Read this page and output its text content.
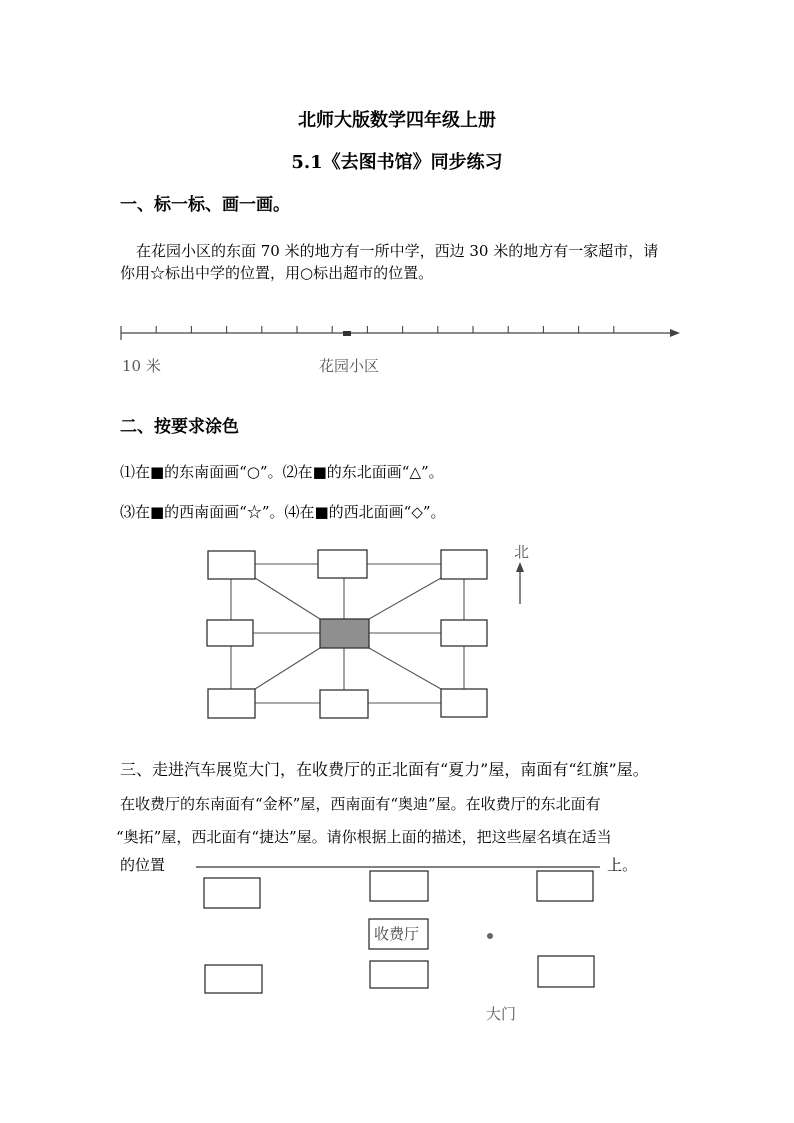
北师大版数学四年级上册
5.1《去图书馆》同步练习
一、标一标、画一画。
在花园小区的东面 70 米的地方有一所中学，西边 30 米的地方有一家超市，请
你用☆标出中学的位置，用○标出超市的位置。
10 米	花园小区
二、按要求涂色
⑴在■的东南面画“○”。⑵在■的东北面画“△”。
⑶在■的西南面画“☆”。⑷在■的西北面画“◇”。
北
三、走进汽车展览大门，在收费厅的正北面有“夏力”屋，南面有“红旗”屋。
在收费厅的东南面有“金杯”屋，西南面有“奥迪”屋。在收费厅的东北面有
“奥拓”屋，西北面有“捷达”屋。请你根据上面的描述，把这些屋名填在适当
的位置	上。
收费厅
大门
